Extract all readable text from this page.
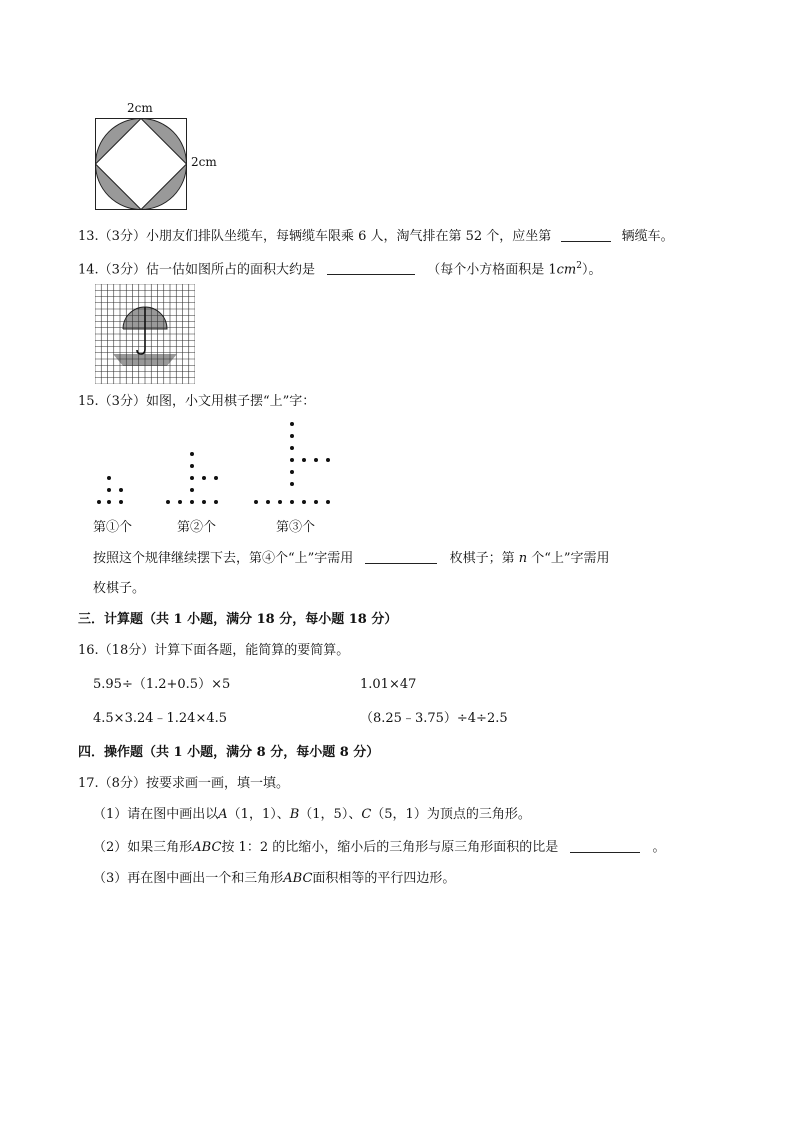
2cm
2cm
13.（3分）小朋友们排队坐缆车，每辆缆车限乘 6 人，淘气排在第 52 个，应坐第	辆缆车。
14.（3分）估一估如图所占的面积大约是	（每个小方格面积是 $1cm^2$）。
15.（3分）如图，小文用棋子摆“上”字：
第①个	第②个	第③个
按照这个规律继续摆下去，第④个“上”字需用	枚棋子；第 n 个“上”字需用
枚棋子。
三．计算题（共 1 小题，满分 18 分，每小题 18 分）
16.（18分）计算下面各题，能简算的要简算。
5.95÷（1.2+0.5）×5	1.01×47
4.5×3.24﹣1.24×4.5	（8.25﹣3.75）÷4÷2.5
四．操作题（共 1 小题，满分 8 分，每小题 8 分）
17.（8分）按要求画一画，填一填。
（1）请在图中画出以A（1，1）、B（1，5）、C（5，1）为顶点的三角形。
（2）如果三角形ABC按 1：2 的比缩小，缩小后的三角形与原三角形面积的比是	。
（3）再在图中画出一个和三角形ABC面积相等的平行四边形。
